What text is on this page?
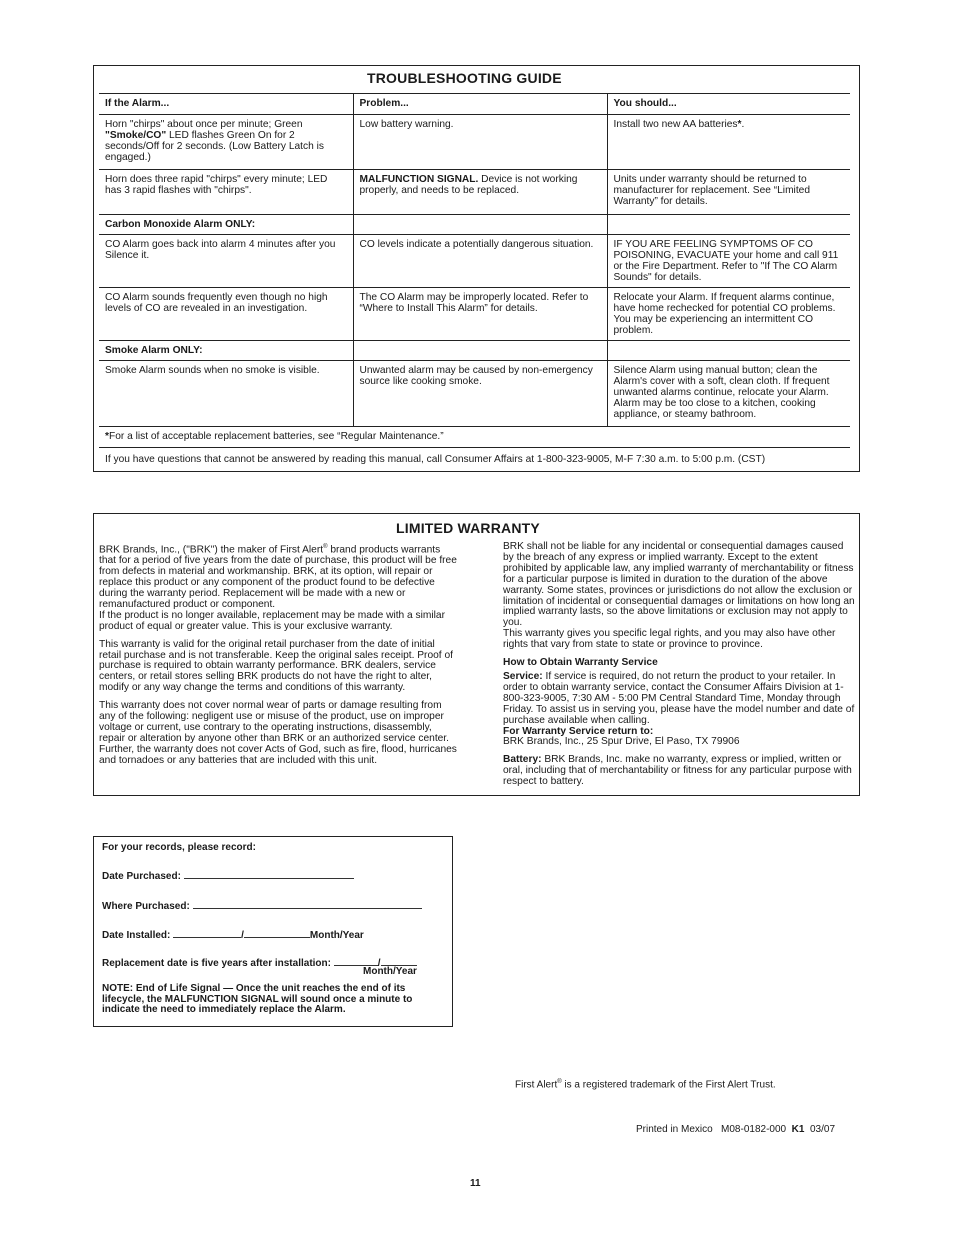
TROUBLESHOOTING GUIDE
If the Alarm...	Problem...	You should...
Horn "chirps" about once per minute; Green "Smoke/CO" LED flashes Green On for 2 seconds/Off for 2 seconds. (Low Battery Latch is engaged.)	Low battery warning.	Install two new AA batteries*.
Horn does three rapid "chirps" every minute; LED has 3 rapid flashes with "chirps".	MALFUNCTION SIGNAL. Device is not working properly, and needs to be replaced.	Units under warranty should be returned to manufacturer for replacement. See “Limited Warranty” for details.
Carbon Monoxide Alarm ONLY:		
CO Alarm goes back into alarm 4 minutes after you Silence it.	CO levels indicate a potentially dangerous situation.	IF YOU ARE FEELING SYMPTOMS OF CO POISONING, EVACUATE your home and call 911 or the Fire Department. Refer to "If The CO Alarm Sounds" for details.
CO Alarm sounds frequently even though no high levels of CO are revealed in an investigation.	The CO Alarm may be improperly located. Refer to “Where to Install This Alarm” for details.	Relocate your Alarm. If frequent alarms continue, have home rechecked for potential CO problems. You may be experiencing an intermittent CO problem.
Smoke Alarm ONLY:		
Smoke Alarm sounds when no smoke is visible.	Unwanted alarm may be caused by non-emergency source like cooking smoke.	Silence Alarm using manual button; clean the Alarm's cover with a soft, clean cloth. If frequent unwanted alarms continue, relocate your Alarm. Alarm may be too close to a kitchen, cooking appliance, or steamy bathroom.
*For a list of acceptable replacement batteries, see “Regular Maintenance.”		
If you have questions that cannot be answered by reading this manual, call Consumer Affairs at 1-800-323-9005, M-F 7:30 a.m. to 5:00 p.m. (CST)		
LIMITED WARRANTY

BRK Brands, Inc., ("BRK") the maker of First Alert® brand products warrants that for a period of five years from the date of purchase, this product will be free from defects in material and workmanship. BRK, at its option, will repair or replace this product or any component of the product found to be defective during the warranty period. Replacement will be made with a new or remanufactured product or component.
If the product is no longer available, replacement may be made with a similar product of equal or greater value. This is your exclusive warranty.

This warranty is valid for the original retail purchaser from the date of initial retail purchase and is not transferable. Keep the original sales receipt. Proof of purchase is required to obtain warranty performance. BRK dealers, service centers, or retail stores selling BRK products do not have the right to alter, modify or any way change the terms and conditions of this warranty.

This warranty does not cover normal wear of parts or damage resulting from any of the following: negligent use or misuse of the product, use on improper voltage or current, use contrary to the operating instructions, disassembly, repair or alteration by anyone other than BRK or an authorized service center. Further, the warranty does not cover Acts of God, such as fire, flood, hurricanes and tornadoes or any batteries that are included with this unit.

BRK shall not be liable for any incidental or consequential damages caused by the breach of any express or implied warranty. Except to the extent prohibited by applicable law, any implied warranty of merchantability or fitness for a particular purpose is limited in duration to the duration of the above warranty. Some states, provinces or jurisdictions do not allow the exclusion or limitation of incidental or consequential damages or limitations on how long an implied warranty lasts, so the above limitations or exclusion may not apply to you.
This warranty gives you specific legal rights, and you may also have other rights that vary from state to state or province to province.

How to Obtain Warranty Service

Service: If service is required, do not return the product to your retailer. In order to obtain warranty service, contact the Consumer Affairs Division at 1-800-323-9005, 7:30 AM - 5:00 PM Central Standard Time, Monday through Friday. To assist us in serving you, please have the model number and date of purchase available when calling.
For Warranty Service return to:
BRK Brands, Inc., 25 Spur Drive, El Paso, TX 79906

Battery: BRK Brands, Inc. make no warranty, express or implied, written or oral, including that of merchantability or fitness for any particular purpose with respect to battery.

For your records, please record:
Date Purchased:
Where Purchased:
Date Installed:	/	Month/Year
Replacement date is five years after installation:	/
Month/Year
NOTE: End of Life Signal — Once the unit reaches the end of its lifecycle, the MALFUNCTION SIGNAL will sound once a minute to indicate the need to immediately replace the Alarm.
First Alert® is a registered trademark of the First Alert Trust.
Printed in Mexico   M08-0182-000  K1  03/07
11
